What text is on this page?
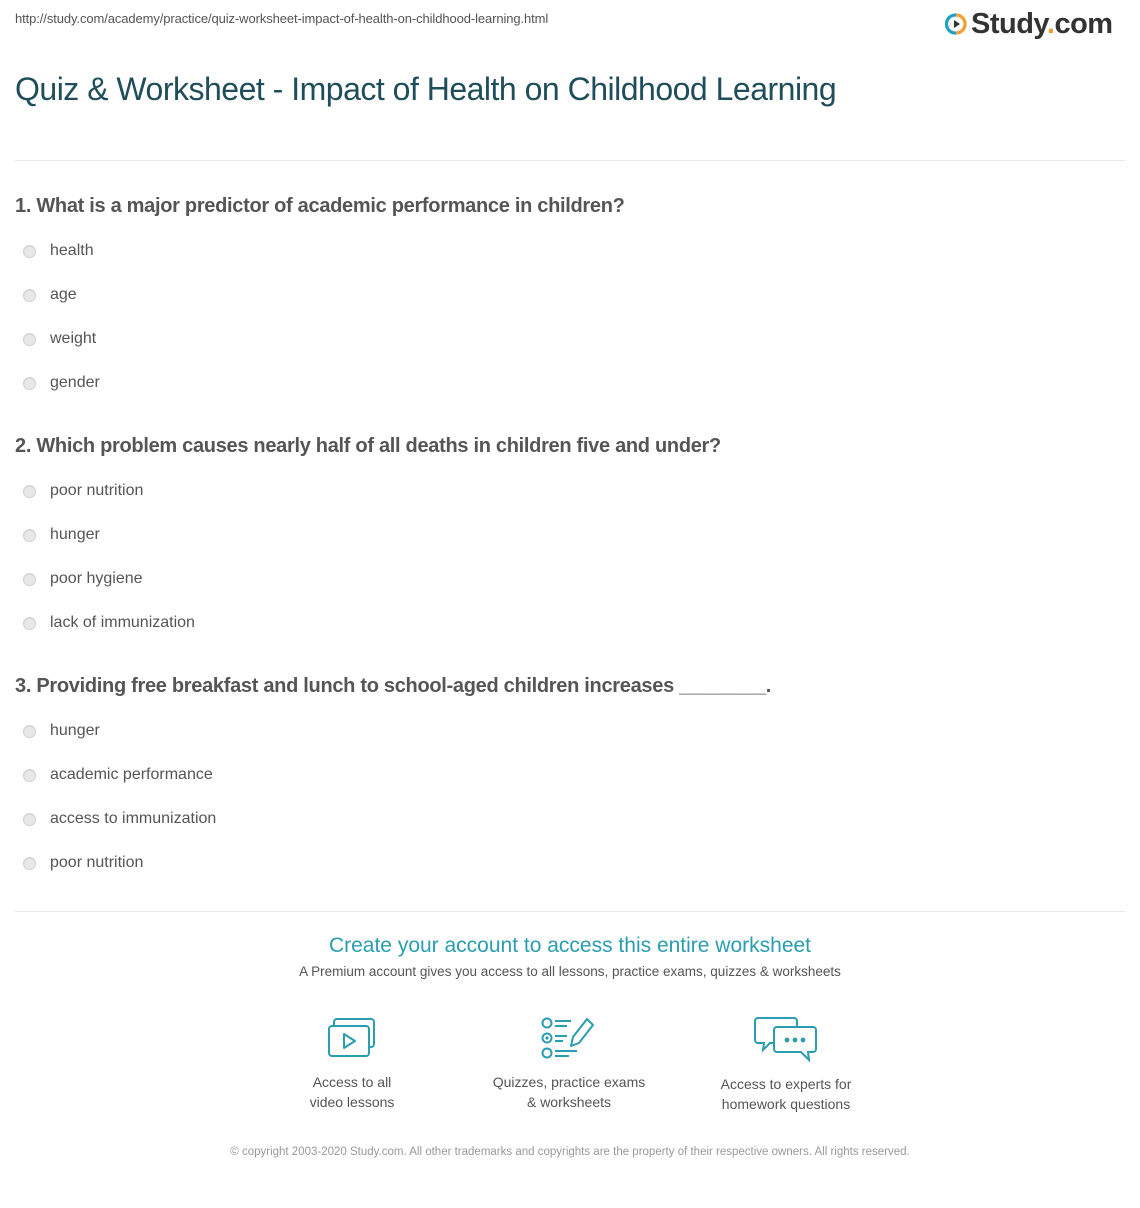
http://study.com/academy/practice/quiz-worksheet-impact-of-health-on-childhood-learning.html	Study.com
Quiz & Worksheet - Impact of Health on Childhood Learning

1. What is a major predictor of academic performance in children?

health
age
weight
gender

2. Which problem causes nearly half of all deaths in children five and under?

poor nutrition
hunger
poor hygiene
lack of immunization

3. Providing free breakfast and lunch to school-aged children increases ________.

hunger
academic performance
access to immunization
poor nutrition
Create your account to access this entire worksheet
A Premium account gives you access to all lessons, practice exams, quizzes & worksheets
Access to all
video lessons
Quizzes, practice exams
& worksheets
Access to experts for
homework questions
© copyright 2003-2020 Study.com. All other trademarks and copyrights are the property of their respective owners. All rights reserved.
